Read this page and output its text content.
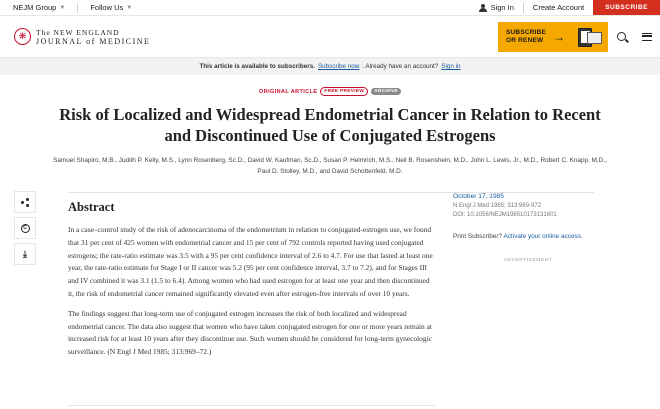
NEJM Group ▼	Follow Us ▼	Sign In	Create Account	SUBSCRIBE
❋	The NEW ENGLAND
JOURNAL of MEDICINE
SUBSCRIBE
OR RENEW →
This article is available to subscribers. Subscribe now . Already have an account? Sign in
ORIGINAL ARTICLE	FREE PREVIEW	ARCHIVE
Risk of Localized and Widespread Endometrial Cancer in Relation to Recent and Discontinued Use of Conjugated Estrogens
Samuel Shapiro, M.B., Judith P. Kelly, M.S., Lynn Rosenberg, Sc.D., David W. Kaufman, Sc.D., Susan P. Helmrich, M.S., Neil B. Rosenshein, M.D., John L. Lewis, Jr., M.D., Robert C. Knapp, M.D., Paul D. Stolley, M.D., and David Schottenfeld, M.D.
C
⤓
Abstract

In a case–control study of the risk of adenocarcinoma of the endometrium in relation to conjugated-estrogen use, we found that 31 per cent of 425 women with endometrial cancer and 15 per cent of 792 controls reported having used conjugated estrogens; the rate-ratio estimate was 3.5 with a 95 per cent confidence interval of 2.6 to 4.7. For use that lasted at least one year, the rate-ratio estimate for Stage I or II cancer was 5.2 (95 per cent confidence interval, 3.7 to 7.2), and for Stages III and IV combined it was 3.1 (1.5 to 6.4). Among women who had used estrogen for at least one year and then discontinued it, the risk of endometrial cancer remained significantly elevated even after estrogen-free intervals of over 10 years.

The findings suggest that long-term use of conjugated estrogen increases the risk of both localized and widespread endometrial cancer. The data also suggest that women who have taken conjugated estrogen for one or more years remain at increased risk for at least 10 years after they discontinue use. Such women should be considered for long-term gynecologic surveillance. (N Engl J Med 1985; 313:969–72.)

October 17, 1985
N Engl J Med 1985; 313:969-972
DOI: 10.1056/NEJM198510173131601
Print Subscriber? Activate your online access.
ADVERTISEMENT
